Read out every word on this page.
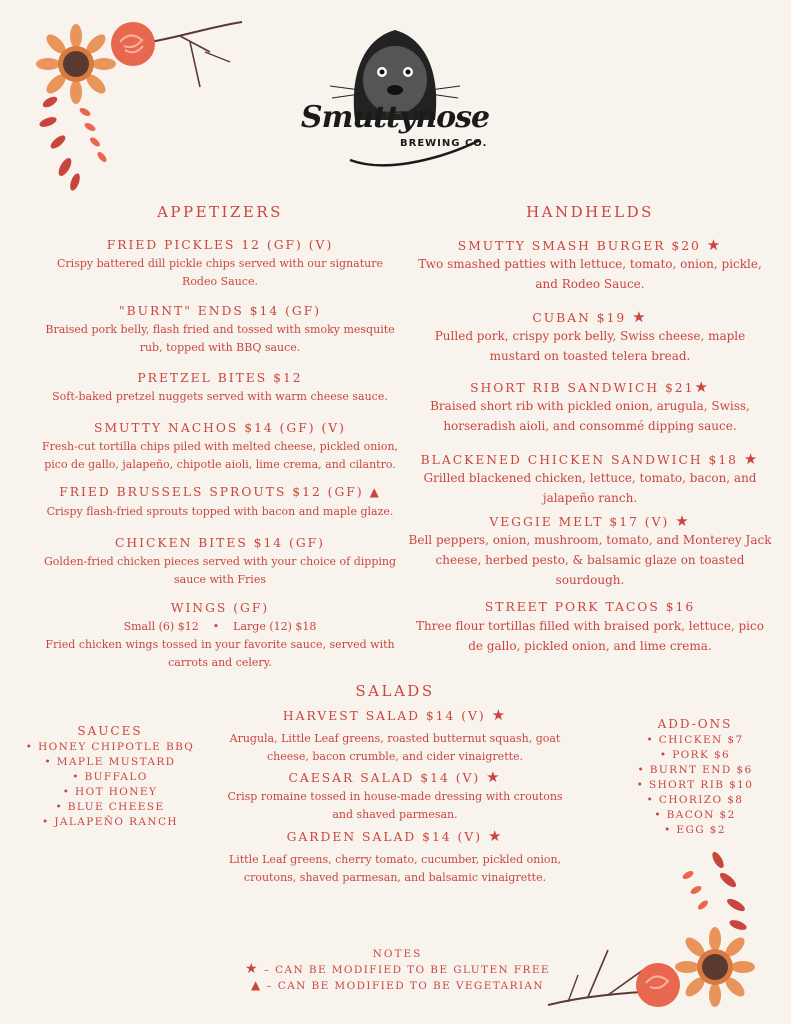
Smuttynose
BREWING CO.
APPETIZERS
FRIED PICKLES 12 (GF) (V)
Crispy battered dill pickle chips served with our signature
Rodeo Sauce.
"BURNT" ENDS $14 (GF)
Braised pork belly, flash fried and tossed with smoky mesquite
rub, topped with BBQ sauce.
PRETZEL BITES $12
Soft-baked pretzel nuggets served with warm cheese sauce.
SMUTTY NACHOS $14 (GF) (V)
Fresh-cut tortilla chips piled with melted cheese, pickled onion,
pico de gallo, jalapeño, chipotle aioli, lime crema, and cilantro.
FRIED BRUSSELS SPROUTS $12 (GF) ▲
Crispy flash-fried sprouts topped with bacon and maple glaze.
CHICKEN BITES $14 (GF)
Golden-fried chicken pieces served with your choice of dipping
sauce with Fries
WINGS (GF)
Small (6) $12    •    Large (12) $18
Fried chicken wings tossed in your favorite sauce, served with
carrots and celery.
HANDHELDS
SMUTTY SMASH BURGER $20 ★
Two smashed patties with lettuce, tomato, onion, pickle,
and Rodeo Sauce.
CUBAN $19 ★
Pulled pork, crispy pork belly, Swiss cheese, maple
mustard on toasted telera bread.
SHORT RIB SANDWICH $21★
Braised short rib with pickled onion, arugula, Swiss,
horseradish aioli, and consommé dipping sauce.
BLACKENED CHICKEN SANDWICH $18 ★
Grilled blackened chicken, lettuce, tomato, bacon, and
jalapeño ranch.
VEGGIE MELT $17 (V) ★
Bell peppers, onion, mushroom, tomato, and Monterey Jack
cheese, herbed pesto, & balsamic glaze on toasted
sourdough.
STREET PORK TACOS $16
Three flour tortillas filled with braised pork, lettuce, pico
de gallo, pickled onion, and lime crema.
SALADS
HARVEST SALAD $14 (V) ★
Arugula, Little Leaf greens, roasted butternut squash, goat
cheese, bacon crumble, and cider vinaigrette.
CAESAR SALAD $14 (V) ★
Crisp romaine tossed in house-made dressing with croutons
and shaved parmesan.
GARDEN SALAD $14 (V) ★
Little Leaf greens, cherry tomato, cucumber, pickled onion,
croutons, shaved parmesan, and balsamic vinaigrette.
SAUCES
• HONEY CHIPOTLE BBQ
• MAPLE MUSTARD
• BUFFALO
• HOT HONEY
• BLUE CHEESE
• JALAPEÑO RANCH
ADD-ONS
• CHICKEN $7
• PORK $6
• BURNT END $6
• SHORT RIB $10
• CHORIZO $8
• BACON $2
• EGG $2
NOTES
★ – CAN BE MODIFIED TO BE GLUTEN FREE
▲ – CAN BE MODIFIED TO BE VEGETARIAN
